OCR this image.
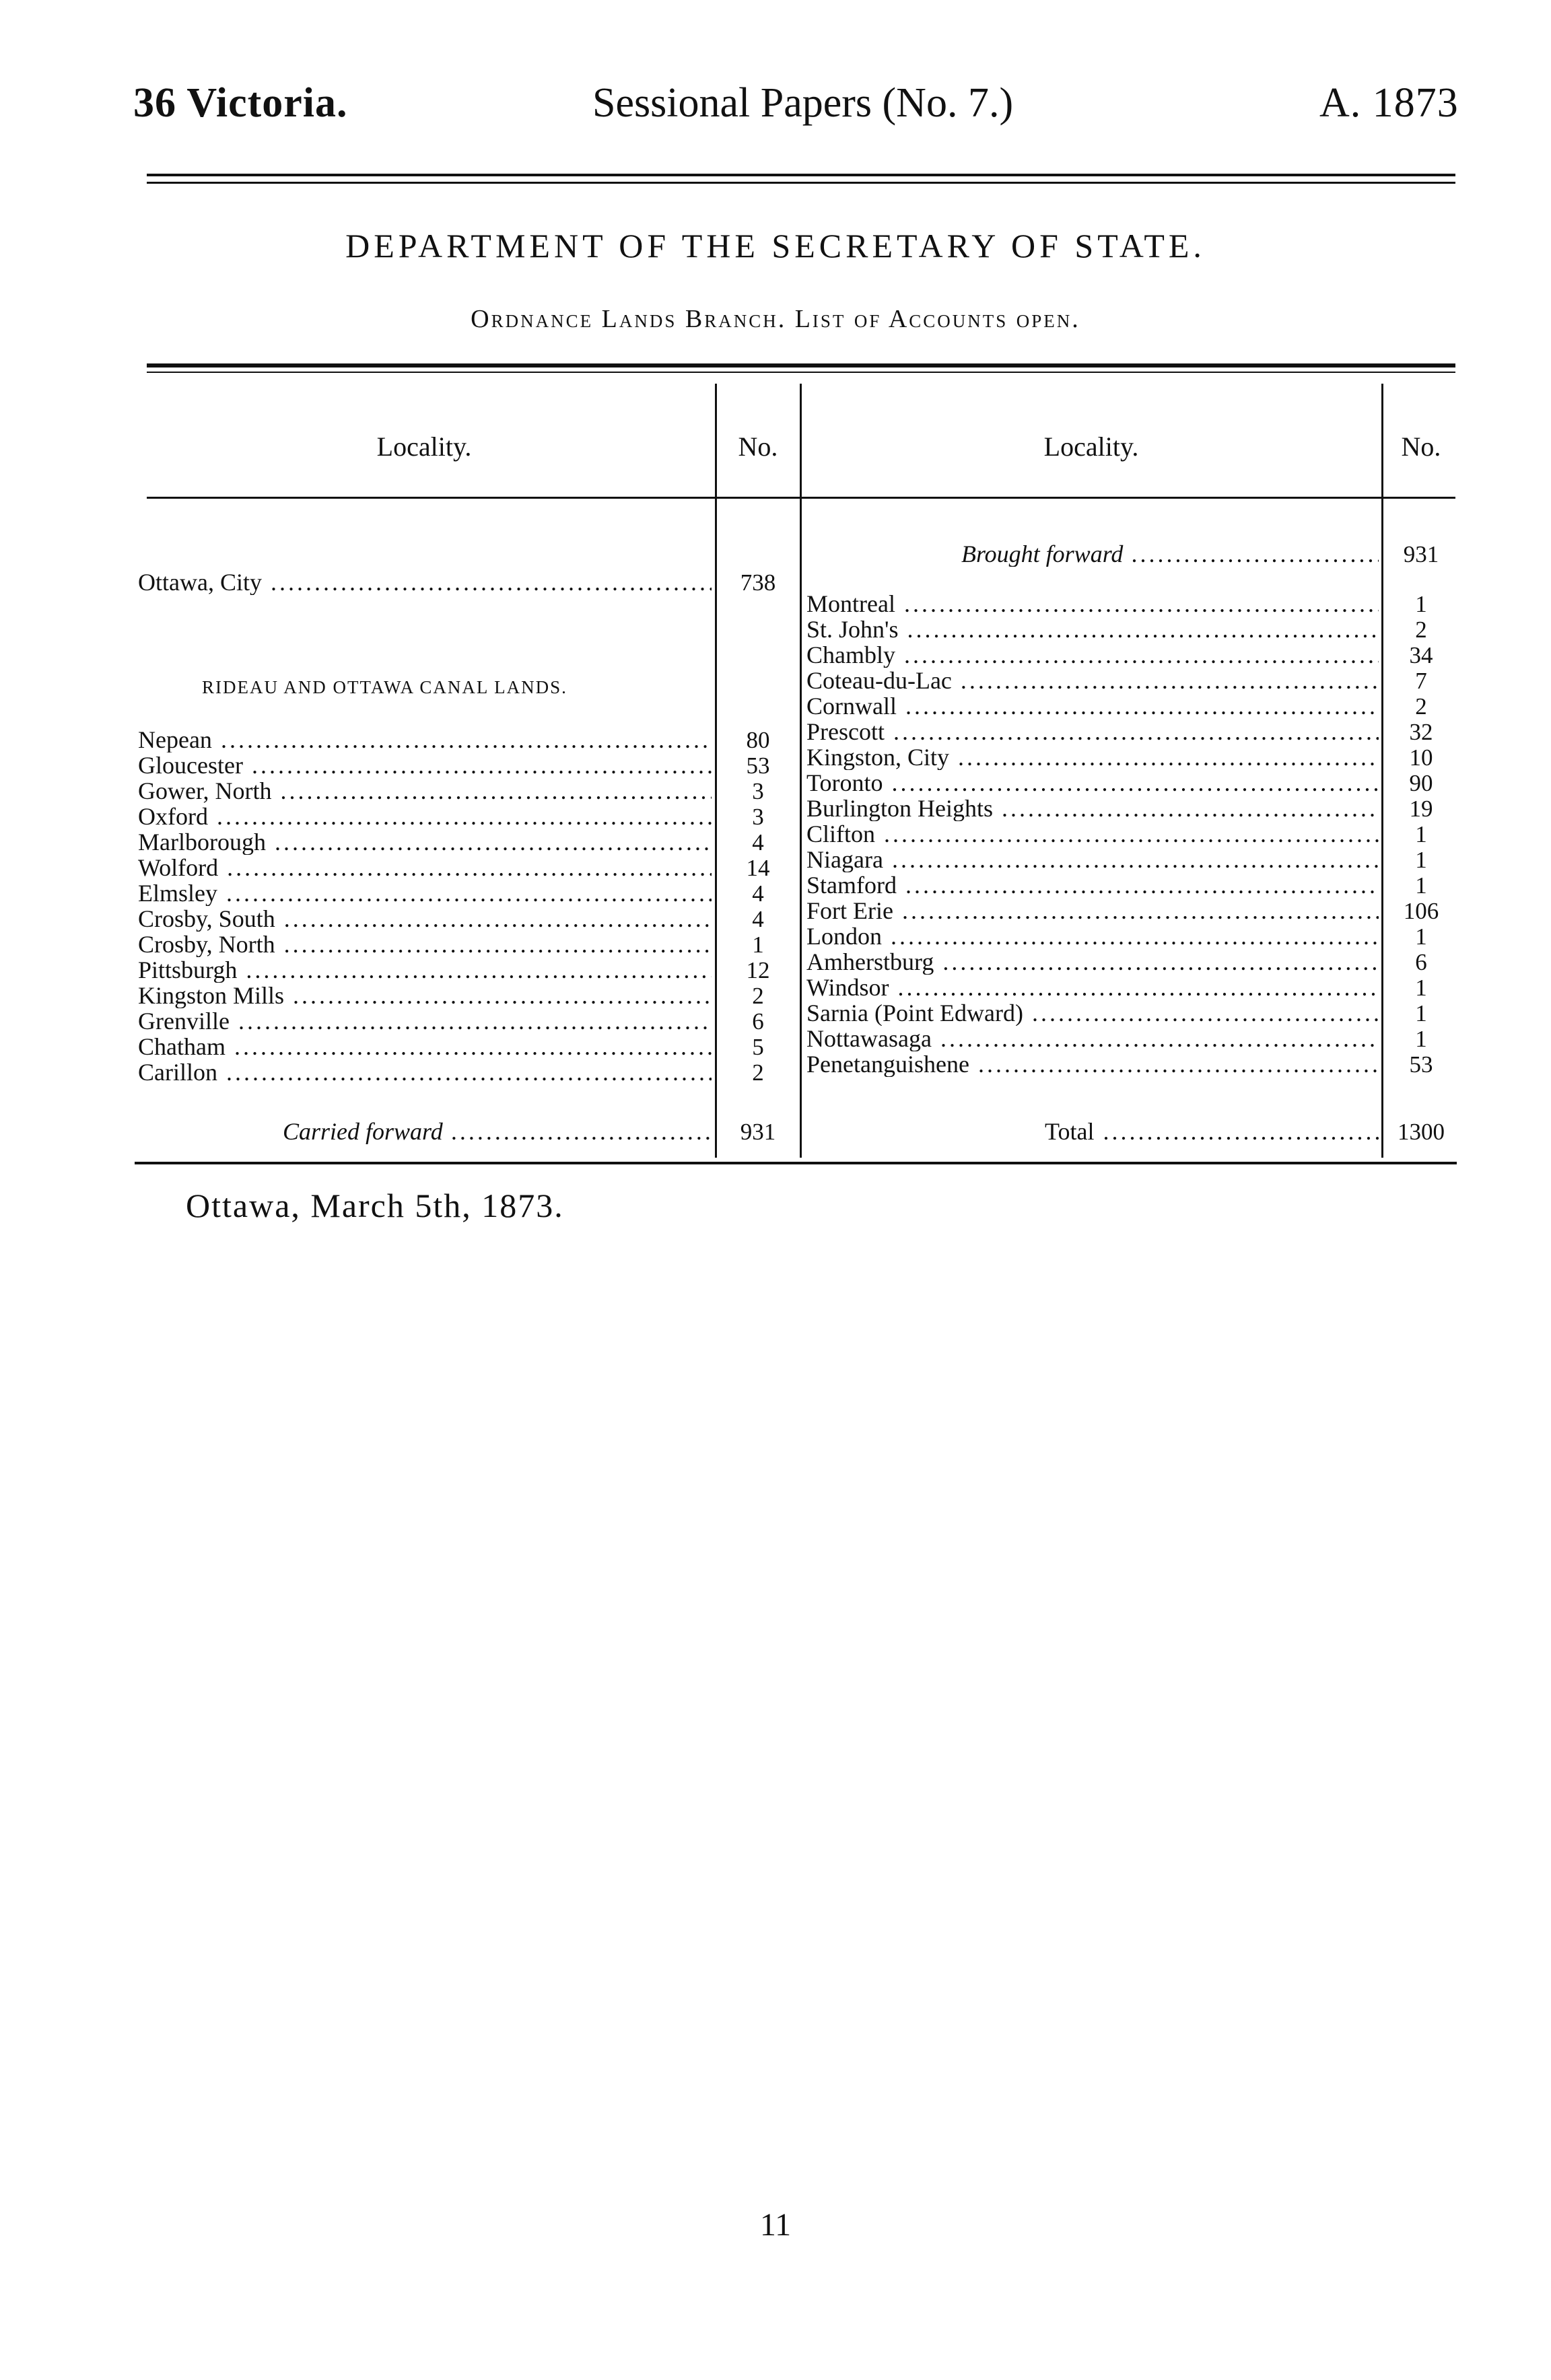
36 Victoria.	Sessional Papers (No. 7.)	A. 1873
DEPARTMENT OF THE SECRETARY OF STATE.
Ordnance Lands Branch. List of Accounts open.
Locality.	No.	Locality.	No.
Ottawa, City .....	738
RIDEAU AND OTTAWA CANAL LANDS.
Nepean .....	80
Gloucester .....	53
Gower, North .....	3
Oxford .....	3
Marlborough .....	4
Wolford .....	14
Elmsley .....	4
Crosby, South .....	4
Crosby, North .....	1
Pittsburgh .....	12
Kingston Mills .....	2
Grenville .....	6
Chatham .....	5
Carillon .....	2
Carried forward .....	931
Brought forward .....	931
Montreal .....	1
St. John's .....	2
Chambly .....	34
Coteau-du-Lac .....	7
Cornwall .....	2
Prescott .....	32
Kingston, City .....	10
Toronto .....	90
Burlington Heights .....	19
Clifton .....	1
Niagara .....	1
Stamford .....	1
Fort Erie .....	106
London .....	1
Amherstburg .....	6
Windsor .....	1
Sarnia (Point Edward) .....	1
Nottawasaga .....	1
Penetanguishene .....	53
Total .....	1300
Ottawa, March 5th, 1873.
11
